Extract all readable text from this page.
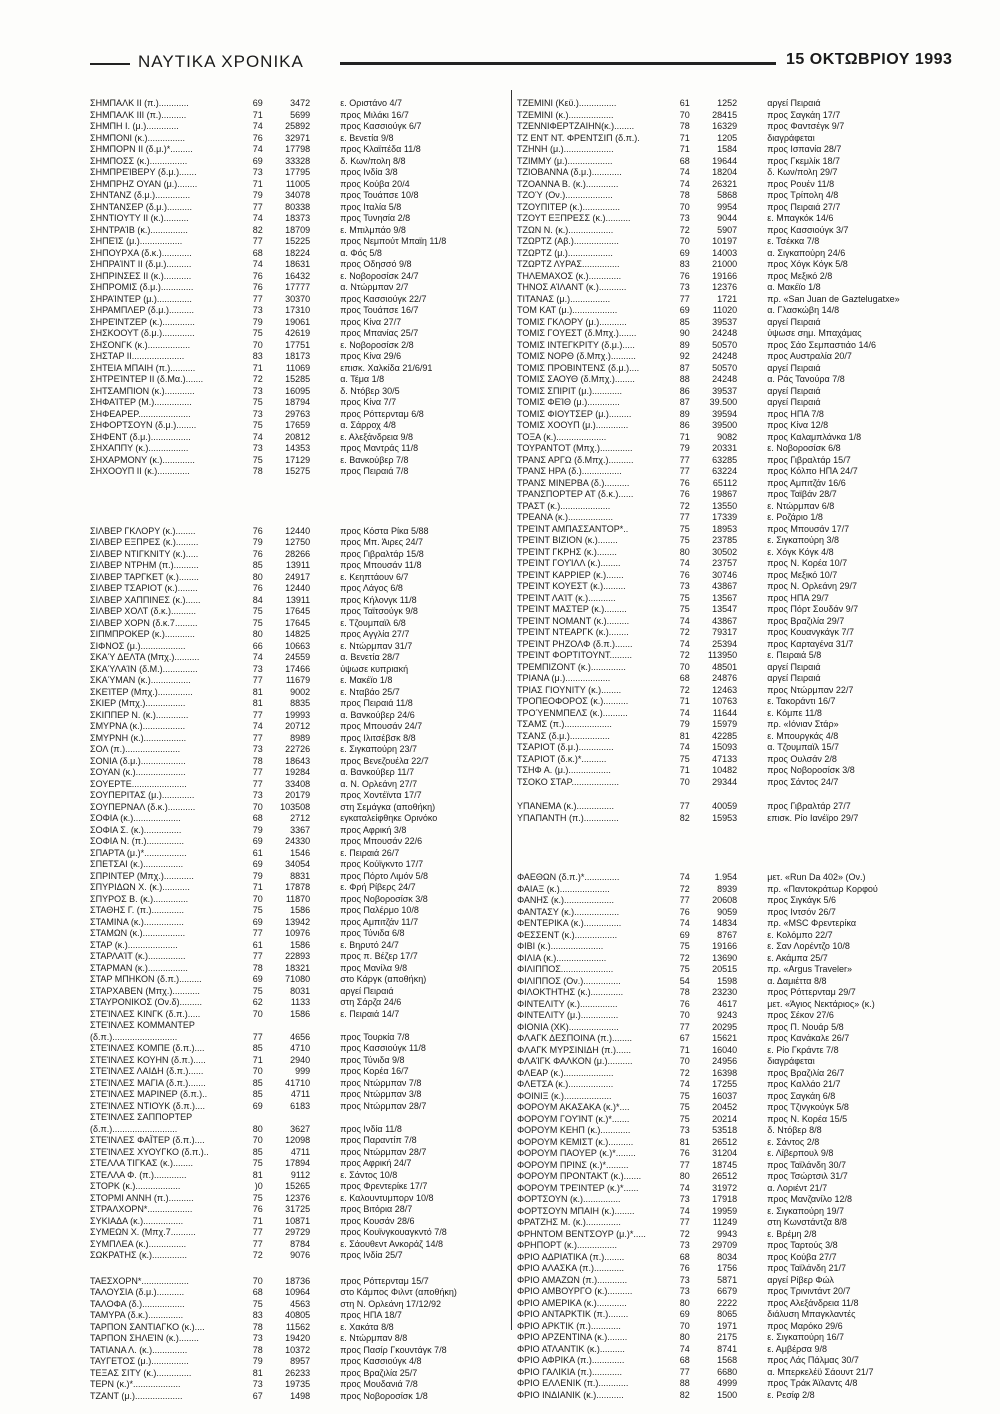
ΝΑΥΤΙΚΑ ΧΡΟΝΙΚΑ	15 ΟΚΤΩΒΡΙΟΥ 1993
ΣΗΜΠΑΛΚ II (π.)............	69	3472	ε. Οριστάνο 4/7
ΣΗΜΠΑΛΚ III (π.)..........	71	5699	προς Μιλάκι 16/7
ΣΗΜΠΗ I. (μ.).............	74	25892	προς Κασσιούγκ 6/7
ΣΗΜΠΟΝΙ (κ.)...............	76	32971	ε. Βενετία 9/8
ΣΗΜΠΟΡΝ II (δ.μ.)*.........	74	17798	προς Κλαϊπέδα 11/8
ΣΗΜΠΟΣΣ (κ.)...............	69	33328	δ. Κων/πολη 8/8
ΣΗΜΠΡΕΊΒΕΡΥ (δ.μ.).......	73	17795	προς Ινδία 3/8
ΣΗΜΠΡΗΖ ΟΥΑΝ (μ.)........	71	11005	προς Κούβα 20/4
ΣΗΝΤΑΝΖ (δ.μ.)..............	79	34078	προς Τουάπσε 10/8
ΣΗΝΤΑΝΣΕΡ (δ.μ.)..........	77	80338	προς Ιταλία 5/8
ΣΗΝΤΙΟΥΤΥ II (κ.)..........	74	18373	προς Τυνησία 2/8
ΣΗΝΤΡΑΊΒ (κ.)...............	82	18709	ε. Μπιλμπάο 9/8
ΣΗΠΕΊΣ (μ.).................	77	15225	προς Νεμπούτ Μπαϊη 11/8
ΣΗΠΟΥΡΧΑ (δ.κ.)............	68	18224	α. Φός 5/8
ΣΗΠΡΑΊΝΤ II (δ.μ.)..........	74	18631	προς Οδησσό 9/8
ΣΗΠΡΙΝΣΕΣ II (κ.)...........	76	16432	ε. Νοβοροσίσκ 24/7
ΣΗΠΡΟΜΙΣ (δ.μ.).............	76	17777	α. Ντώρμπαν 2/7
ΣΗΡΑΊΝΤΕΡ (μ.)..............	77	30370	προς Κασσιούγκ 22/7
ΣΗΡΑΜΠΛΕΡ (δ.μ.)..........	73	17310	προς Τουάπσε 16/7
ΣΗΡΕΊΝΤΖΕΡ (κ.).............	79	19061	προς Κίνα 27/7
ΣΗΣΚΟΟΥΤ (δ.μ.).............	75	42619	προς Μπανίας 25/7
ΣΗΣΟΝΓΚ (κ.).................	70	17751	ε. Νοβοροσίσκ 2/8
ΣΗΣΤΑΡ II.....................	83	18173	προς Κίνα 29/6
ΣΗΤΕΙΑ ΜΠΑΙΗ (π.)..........	71	11069	επισκ. Χαλκίδα 21/6/91
ΣΗΤΡΕΊΝΤΕΡ II (δ.Μα.).......	72	15285	α. Τέμα 1/8
ΣΗΤΣΑΜΠΙΟΝ (κ.)............	73	16095	δ. Ντόβερ 30/5
ΣΗΦΑΊΤΕΡ (Μ.)...............	75	18794	προς Κίνα 7/7
ΣΗΦΕΑΡΕΡ.....................	73	29763	προς Ρόττερνταμ 6/8
ΣΗΦΟΡΤΣΟΥΝ (δ.μ.)........	75	17659	α. Σάρροχ 4/8
ΣΗΦΕΝΤ (δ.μ.)................	74	20812	ε. Αλεξάνδρεια 9/8
ΣΗΧΑΠΠΥ (κ.)................	73	14353	προς Μαντράς 11/8
ΣΗΧΑΡΜΟΝΥ (κ.).............	75	17129	ε. Βανκούβερ 7/8
ΣΗΧΟΟΥΠ II (κ.).............	78	15275	προς Πειραιά 7/8
ΣΙΛΒΕΡ ΓΚΛΟΡΥ (κ.)........	76	12440	προς Κόστα Ρίκα 5/88
ΣΙΛΒΕΡ ΕΞΠΡΕΣ (κ.).........	79	12750	προς Μπ. Άιρες 24/7
ΣΙΛΒΕΡ ΝΤΙΓΚΝΙΤΥ (κ.).....	76	28266	προς Γιβραλτάρ 15/8
ΣΙΛΒΕΡ ΝΤΡΗΜ (π.)..........	85	13911	προς Μπουσάν 11/8
ΣΙΛΒΕΡ ΤΑΡΓΚΕΤ (κ.)........	80	24917	ε. Κεηπτάουν 6/7
ΣΙΛΒΕΡ ΤΣΑΡΙΟΤ (κ.)........	76	12440	προς Λάγος 6/8
ΣΙΛΒΕΡ ΧΑΠΠΙΝΕΣ (κ.)......	84	13911	προς Κήλονγκ 11/8
ΣΙΛΒΕΡ ΧΟΛΤ (δ.κ.)..........	75	17645	προς Ταϊτσούγκ 9/8
ΣΙΛΒΕΡ ΧΟΡΝ (δ.κ.7.........	75	17645	ε. Τζουμπαϊλ 6/8
ΣΙΠΜΠΡΟΚΕΡ (κ.)............	80	14825	προς Αγγλία 27/7
ΣΙΦΝΟΣ (μ.)..................	66	10663	ε. Ντώρμπαν 31/7
ΣΚΑΎ ΔΕΛΤΑ (Μπχ.)..........	74	24559	α. Βενετία 28/7
ΣΚΑΎΛΑΊΝ (δ.Μ.)..............	73	17466	ύψωσε κυπριακή
ΣΚΑΎΜΑΝ (κ.)................	77	11679	ε. Μακέϊο 1/8
ΣΚΕΊΤΕΡ (Μπχ.)..............	81	9002	ε. Νταβάο 25/7
ΣΚΙΕΡ (Μπχ.)................	81	8835	προς Πειραιά 11/8
ΣΚΙΠΠΕΡ Ν. (κ.).............	77	19993	α. Βανκούβερ 24/6
ΣΜΥΡΝΑ (κ.).................	74	20712	προς Μπουσάν 24/7
ΣΜΥΡΝΗ (κ.).................	77	8989	προς Ιλιτσέβσκ 8/8
ΣΟΛ (π.)......................	73	22726	ε. Σιγκαπούρη 23/7
ΣΟΝΙΑ (δ.μ.)..................	78	18643	προς Βενεζουέλα 22/7
ΣΟΥΑΝ (κ.)....................	77	19284	α. Βανκούβερ 11/7
ΣΟΥΕΡΤΕ......................	77	33408	α. Ν. Ορλεάνη 27/7
ΣΟΥΠΕΡΙΤΑΣ (μ.).............	73	20179	προς Χοντέϊντα 17/7
ΣΟΥΠΕΡΝΑΛ (δ.κ.)...........	70	103508	στη Σεμάγκα (αποθήκη)
ΣΟΦΙΑ (κ.)...................	68	2712	εγκαταλείφθηκε Ορινόκο
ΣΟΦΙΑ Σ. (κ.)...............	79	3367	προς Αφρική 3/8
ΣΟΦΙΑ Ν. (π.)...............	69	24330	προς Μπουσάν 22/6
ΣΠΑΡΤΑ (μ.)*.................	61	1546	ε. Πειραιά 26/7
ΣΠΕΤΣΑΙ (κ.)................	69	34054	προς Κούϊγκντο 17/7
ΣΠΡΙΝΤΕΡ (Μπχ.)............	79	8831	προς Πόρτο Λιμόν 5/8
ΣΠΥΡΙΔΩΝ Χ. (κ.)...........	71	17878	ε. Φρή Ρίβερς 24/7
ΣΠΥΡΟΣ Β. (κ.)..............	70	11870	προς Νοβοροσίσκ 3/8
ΣΤΑΘΗΣ Γ. (π.).............	75	1586	προς Παλέρμο 10/8
ΣΤΑΜΙΝΑ (κ.)................	69	13942	προς Αμπιτζάν 11/7
ΣΤΑΜΩΝ (κ.).................	77	10976	προς Τύνιδα 6/8
ΣΤΑΡ (κ.)....................	61	1586	ε. Βηρυτό 24/7
ΣΤΑΡΛΑΊΤ (κ.)...............	77	22893	προς π. Βέζερ 17/7
ΣΤΑΡΜΑΝ (κ.)................	78	18321	προς Μανίλα 9/8
ΣΤΑΡ ΜΠΗΚΟΝ (δ.π.).........	69	71080	στο Κάργκ (αποθήκη)
ΣΤΑΡΧΑΒΕΝ (Μπχ.)...........	75	8031	αργεί Πειραιά
ΣΤΑΥΡΟΝΙΚΟΣ (Ον.δ).........	62	1133	στη Σάρζα 24/6
ΣΤΕΊΝΛΕΣ ΚΙΝΓΚ (δ.π.).....	70	1586	ε. Πειραιά 14/7
ΣΤΕΊΝΛΕΣ ΚΟΜΜΑΝΤΕΡ
(δ.π.)..........................	77	4656	προς Τουρκία 7/8
ΣΤΕΊΝΛΕΣ ΚΟΜΠΕ (δ.π.)....	85	4710	προς Κασσιούγκ 11/8
ΣΤΕΊΝΛΕΣ ΚΟΥΗΝ (δ.π.).....	71	2940	προς Τύνιδα 9/8
ΣΤΕΊΝΛΕΣ ΛΑΙΔΗ (δ.π.)......	70	999	προς Κορέα 16/7
ΣΤΕΊΝΛΕΣ ΜΑΓΙΑ (δ.π.).......	85	41710	προς Ντώρμπαν 7/8
ΣΤΕΊΝΛΕΣ ΜΑΡΙΝΕΡ (δ.π.)..	85	4711	προς Ντώρμπαν 3/8
ΣΤΕΊΝΛΕΣ ΝΤΙΟΥΚ (δ.π.)....	69	6183	προς Ντώρμπαν 28/7
ΣΤΕΊΝΛΕΣ ΣΑΠΠΟΡΤΕΡ
(δ.π.)..........................	80	3627	προς Ινδία 11/8
ΣΤΕΊΝΛΕΣ ΦΑΪΤΕΡ (δ.π.)....	70	12098	προς Παραντίπ 7/8
ΣΤΕΊΝΛΕΣ ΧΥΟΥΓΚΟ (δ.π.)..	85	4711	προς Ντώρμπαν 28/7
ΣΤΕΛΛΑ ΤΙΓΚΑΣ (κ.)........	75	17894	προς Αφρική 24/7
ΣΤΕΛΛΑ Φ. (π.).............	81	9112	ε. Σάντος 10/8
ΣΤΟΡΚ (κ.)..................	)0	15265	προς Φρεντερίκε 17/7
ΣΤΟΡΜΙ ΑΝΝΗ (π.)..........	75	12376	ε. Καλουντυμπορν 10/8
ΣΤΡΑΛΧΟΡΝ*..................	76	31725	προς Βιτόρια 28/7
ΣΥΚΙΑΔΑ (κ.)................	71	10871	προς Κουσάν 28/6
ΣΥΜΕΩΝ Χ. (Μπχ.7..........	77	29729	προς Κουϊνγκουαγκντό 7/8
ΣΥΜΠΛΕΑ (κ.)...............	77	8784	ε. Σάουθεντ Ανκοράζ 14/8
ΣΩΚΡΑΤΗΣ (κ.)..............	72	9076	προς Ινδία 25/7
ΤΑΕΣΧΟΡΝ*...................	70	18736	προς Ρόττερνταμ 15/7
ΤΑΛΟΥΣΙΑ (δ.μ.)...........	68	10964	στο Κάμπος Φιλντ (αποθήκη)
ΤΑΛΟΦΑ (δ.).................	75	4563	στη Ν. Ορλεάνη 17/12/92
ΤΑΜΥΡΑ (δ.κ.)..............	83	40805	προς ΗΠΑ 18/7
ΤΑΡΠΟΝ ΣΑΝΤΙΑΓΚΟ (κ.)....	78	11562	ε. Χακάτα 8/8
ΤΑΡΠΟΝ ΣΗΛΕΊΝ (κ.)........	73	19420	ε. Ντώρμπαν 8/8
ΤΑΤΙΑΝΑ Λ. (κ.)..............	78	10372	προς Πασίρ Γκουντάγκ 7/8
ΤΑΥΓΕΤΟΣ (μ.)...............	79	8957	προς Κασσιούγκ 4/8
ΤΕΞΑΣ ΣΙΤΥ (κ.)..............	81	26233	προς Βραζιλία 25/7
ΤΕΡΝ (κ.)*...................	73	19735	προς Μουδανιά 7/8
ΤΖΑΝΤ (μ.)...................	67	1498	προς Νοβοροσίσκ 1/8
ΤΖΕΜΙΝΙ (Κεϋ.)...............	61	1252	αργεί Πειραιά
ΤΖΕΜΙΝΙ (κ.)..................	70	28415	προς Σαγκάη 17/7
ΤΖΕΝΝΙΦΕΡΤΖΑΙΗΝ(κ.)........	78	16329	προς Φαντσέγκ 9/7
ΤΖ ΕΝΤ ΝΤ. ΦΡΕΝΤΣΙΠ (δ.π.).	71	1205	διαγράφεται
ΤΖΗΝΗ (μ.)....................	71	1584	προς Ισπανία 28/7
ΤΖΙΜΜΥ (μ.)..................	68	19644	προς Γκεμλίκ 18/7
ΤΖΙΟΒΑΝΝΑ (δ.μ.)............	74	18204	δ. Κων/πολη 29/7
ΤΖΟΑΝΝΑ Β. (κ.).............	74	26321	προς Ρουέν 11/8
ΤΖΟΎ (Ον.)...................	78	5868	προς Τρίπολη 4/8
ΤΖΟΥΠΙΤΕΡ (κ.)...............	70	9954	προς Πειραιά 27/7
ΤΖΟΥΤ ΕΞΠΡΕΣΣ (κ.)..........	73	9044	ε. Μπαγκόκ 14/6
ΤΖΩΝ Ν. (κ.)..................	72	5907	προς Κασσιούγκ 3/7
ΤΖΩΡΤΖ (Αβ.)..................	70	10197	ε. Τσέκκα 7/8
ΤΖΩΡΤΖ (μ.)..................	69	14003	α. Σιγκαπούρη 24/6
ΤΖΩΡΤΖ ΛΥΡΑΣ...............	83	21000	προς Χόγκ Κόγκ 5/8
ΤΗΛΕΜΑΧΟΣ (κ.).............	76	19166	προς Μεξικό 2/8
ΤΗΝΟΣ ΑΊΛΑΝΤ (κ.)...........	73	12376	α. Μακέϊο 1/8
ΤΙΤΑΝΑΣ (μ.)................	77	1721	πρ. «San Juan de Gaztelugatxe»
ΤΟΜ ΚΑΤ (μ.)..................	69	11020	α. Γλασκώβη 14/8
ΤΟΜΙΣ ΓΚΛΟΡΥ (μ.)...........	85	39537	αργεί Πειραιά
ΤΟΜΙΣ ΓΟΥΕΣΤ (δ.Μπχ.).......	90	24248	ύψωσε σημ. Μπαχάμας
ΤΟΜΙΣ ΙΝΤΕΓΚΡΙΤΥ (δ.μ.).....	89	50570	προς Σάο Σεμπαστιάο 14/6
ΤΟΜΙΣ ΝΟΡΘ (δ.Μπχ.)..........	92	24248	προς Αυστραλία 20/7
ΤΟΜΙΣ ΠΡΟΒΙΝΤΕΝΣ (δ.μ.)....	87	50570	αργεί Πειραιά
ΤΟΜΙΣ ΣΑΟΥΘ (δ.Μπχ.)........	88	24248	α. Ράς Τανούρα 7/8
ΤΟΜΙΣ ΣΠΙΡΙΤ (μ.)............	86	39537	αργεί Πειραιά
ΤΟΜΙΣ ΦΕΊΘ (μ.).............	87	39.500	αργεί Πειραιά
ΤΟΜΙΣ ΦΙΟΥΤΣΕΡ (μ.).........	89	39594	προς ΗΠΑ 7/8
ΤΟΜΙΣ ΧΟΟΥΠ (μ.).............	86	39500	προς Κίνα 12/8
ΤΟΞΑ (κ.)....................	71	9082	προς Καλαμπλάνκα 1/8
ΤΟΥΡΑΝΤΟΤ (Μπχ.).............	79	20331	ε. Νοβοροσίσκ 6/8
ΤΡΑΝΣ ΑΡΓΩ (δ.Μπχ.)..........	77	63285	προς Γιβραλτάρ 15/7
ΤΡΑΝΣ ΗΡΑ (δ.)................	77	63224	προς Κόλπο ΗΠΑ 24/7
ΤΡΑΝΣ ΜΙΝΕΡΒΑ (δ.)..........	76	65112	προς Αμπιτζάν 16/6
ΤΡΑΝΣΠΟΡΤΕΡ ΑΤ (δ.κ.)......	76	19867	προς Ταϊβάν 28/7
ΤΡΑΣΤ (κ.)....................	72	13550	ε. Ντώρμπαν 6/8
ΤΡΕΑΝΑ (κ.)..................	77	17339	ε. Ροζάριο 1/8
ΤΡΕΊΝΤ ΑΜΠΑΣΣΑΝΤΟΡ*..	75	18953	προς Μπουσάν 17/7
ΤΡΕΊΝΤ ΒΙΖΙΟΝ (κ.)........	75	23785	ε. Σιγκαπούρη 3/8
ΤΡΕΊΝΤ ΓΚΡΗΣ (κ.)........	80	30502	ε. Χόγκ Κόγκ 4/8
ΤΡΕΊΝΤ ΓΟΥΊΛΛ (κ.)........	74	23757	προς Ν. Κορέα 10/7
ΤΡΕΊΝΤ ΚΑΡΡΙΕΡ (κ.).......	76	30746	προς Μεξικό 10/7
ΤΡΕΊΝΤ ΚΟΥΕΣΤ (κ.).........	73	43867	προς Ν. Ορλεάνη 29/7
ΤΡΕΊΝΤ ΛΑΊΤ (κ.)...........	75	13567	προς ΗΠΑ 29/7
ΤΡΕΊΝΤ ΜΑΣΤΕΡ (κ.).........	75	13547	προς Πόρτ Σουδάν 9/7
ΤΡΕΊΝΤ ΝΟΜΑΝΤ (κ.).........	74	43867	προς Βραζιλία 29/7
ΤΡΕΊΝΤ ΝΤΕΑΡΓΚ (κ.)........	72	79317	προς Κουανγκάγκ 7/7
ΤΡΕΊΝΤ ΡΗΖΟΛΦ (δ.π.).......	74	25394	προς Καρταγένα 31/7
ΤΡΕΊΝΤ ΦΟΡΤΙΤΟΥΝΤ.........	72	113950	ε. Πειραιά 5/8
ΤΡΕΜΠΙΖΟΝΤ (κ.)..............	70	48501	αργεί Πειραιά
ΤΡΙΑΝΑ (μ.)..................	68	24876	αργεί Πειραιά
ΤΡΙΑΣ ΓΙΟΥΝΙΤΥ (κ.)........	72	12463	προς Ντώρμπαν 22/7
ΤΡΟΠΕΟΦΟΡΟΣ (κ.)..........	71	10763	ε. Τακοράντι 16/7
ΤΡΟΎΕΝΜΠΕΛΣ (κ.)..........	74	11644	ε. Κόμπε 11/8
ΤΣΑΜΣ (π.)...................	79	15979	πρ. «Ιόνιαν Στάρ»
ΤΣΑΝΣ (δ.μ.)................	81	42285	ε. Μπουργκάς 4/8
ΤΣΑΡΙΟΤ (δ.μ.)..............	74	15093	α. Τζουμπαϊλ 15/7
ΤΣΑΡΙΟΤ (δ.κ.)*..........	75	47133	προς Ουλσάν 2/8
ΤΣΗΦ Α. (μ.).................	71	10482	προς Νοβοροσίσκ 3/8
ΤΣΟΚΟ ΣΤΑΡ...................	70	29344	προς Σάντος 24/7
ΥΠΑΝΕΜΑ (κ.)...............	77	40059	προς Γιβραλτάρ 27/7
ΥΠΑΠΑΝΤΗ (π.)..............	82	15953	επισκ. Ρίο Ιανέϊρο 29/7
ΦΑΕΘΩΝ (δ.π.)*..............	74	1.954	μετ. «Run Da 402» (Ον.)
ΦΑΙΑΞ (κ.)....................	72	8939	πρ. «Παντοκράτωρ Κορφού
ΦΑΝΗΣ (κ.)....................	77	20608	προς Σιγκάγκ 5/6
ΦΑΝΤΑΣΥ (κ.)..................	76	9059	προς Ιντσόν 26/7
ΦΕΝΤΕΡΙΚΑ (κ.)...............	74	14834	πρ. «MSC Φρεντερίκα
ΦΕΣΣΕΝΤ (κ.).................	69	8767	ε. Κολόμπο 22/7
ΦΙΒΙ (κ.).....................	75	19166	ε. Σαν Λορέντζο 10/8
ΦΙΛΙΑ (κ.)....................	72	13690	ε. Ακάμπα 25/7
ΦΙΛΙΠΠΟΣ.....................	75	20515	πρ. «Argus Traveler»
ΦΙΛΙΠΠΟΣ (Ον.)...............	54	1598	α. Δαμιέττα 8/8
ΦΙΛΟΚΤΗΤΗΣ (κ.).............	78	23230	προς Ρόττερνταμ 29/7
ΦΙΝΤΕΛΙΤΥ (κ.)...............	76	4617	μετ. «Άγιος Νεκτάριος» (κ.)
ΦΙΝΤΕΛΙΤΥ (μ.)...............	70	9243	προς Σέκον 27/6
ΦΙΟΝΙΑ (ΧΚ)....................	77	20295	προς Π. Νουάρ 5/8
ΦΛΑΓΚ ΔΕΣΠΟΙΝΑ (π.)........	67	15621	προς Κανάκαλε 26/7
ΦΛΑΓΚ ΜΥΡΣΙΝΙΔΗ (π.)......	71	16040	ε. Ρίο Γκράντε 7/8
ΦΛΑΊΓΚ ΦΑΛΚΟΝ (μ.)..........	70	24956	διαγράφεται
ΦΛΕΑΡ (κ.)....................	72	16398	προς Βραζιλία 26/7
ΦΛΕΤΣΑ (κ.)..................	74	17255	προς Καλλάο 21/7
ΦΟΙΝΙΞ (κ.)...................	75	16037	προς Σαγκάη 6/8
ΦΟΡΟΥΜ ΑΚΑΣΑΚΑ (κ.)*....	75	20452	προς Τζινγκούγκ 5/8
ΦΟΡΟΥΜ ΓΟΥΊΝΤ (κ.)*.......	75	20214	προς Ν. Κορέα 15/5
ΦΟΡΟΥΜ ΚΕΗΠ (κ.)............	73	53518	δ. Ντόβερ 8/8
ΦΟΡΟΥΜ ΚΕΜΙΣΤ (κ.)..........	81	26512	ε. Σάντος 2/8
ΦΟΡΟΥΜ ΠΑΟΥΕΡ (κ.)*........	76	31204	ε. Λίβερπουλ 9/8
ΦΟΡΟΥΜ ΠΡΙΝΣ (κ.)*.........	77	18745	προς Ταϊλάνδη 30/7
ΦΟΡΟΥΜ ΠΡΟΝΤΑΚΤ (κ.).......	80	26512	προς Τσώρτσιλ 31/7
ΦΟΡΟΥΜ ΤΡΕΊΝΤΕΡ (κ.)*......	74	31972	α. Λοριέντ 21/7
ΦΟΡΤΣΟΥΝ (κ.)...............	73	17918	προς Μανζανίλο 12/8
ΦΟΡΤΣΟΥΝ ΜΠΑΙΗ (κ.)........	74	19959	ε. Σιγκαπούρη 19/7
ΦΡΑΤΖΗΣ Μ. (κ.)..............	77	11249	στη Κωνστάντζα 8/8
ΦΡΗΝΤΟΜ ΒΕΝΤΣΟΥΡ (μ.)*.....	72	9943	ε. Βρέμη 2/8
ΦΡΗΠΟΡΤ (κ.)................	73	29709	προς Ταρτούς 3/8
ΦΡΙΟ ΑΔΡΙΑΤΙΚΑ (π.)........	68	8034	προς Κούβα 27/7
ΦΡΙΟ ΑΛΑΣΚΑ (π.)............	76	1756	προς Ταϊλάνδη 21/7
ΦΡΙΟ ΑΜΑΖΩΝ (π.)............	73	5871	αργεί Ρίβερ Φώλ
ΦΡΙΟ ΑΜΒΟΥΡΓΟ (κ.)..........	73	6679	προς Τρινιντάντ 20/7
ΦΡΙΟ ΑΜΕΡΙΚΑ (κ.)............	80	2222	προς Αλεξάνδρεια 11/8
ΦΡΙΟ ΑΝΤΑΡΚΤΙΚ (π.)........	69	8065	διάλυση Μπαγκλαντές
ΦΡΙΟ ΑΡΚΤΙΚ (π.)............	70	1971	προς Μαρόκο 29/6
ΦΡΙΟ ΑΡΖΕΝΤΙΝΑ (κ.)........	80	2175	ε. Σιγκαπούρη 16/7
ΦΡΙΟ ΑΤΛΑΝΤΙΚ (κ.)..........	74	8741	ε. Αμβέρσα 9/8
ΦΡΙΟ ΑΦΡΙΚΑ (π.).............	68	1568	προς Λάς Πάλμας 30/7
ΦΡΙΟ ΓΑΛΙΚΙΑ (π.)............	77	6680	α. Μπερκελέϋ Σάουντ 21/7
ΦΡΙΟ ΕΛΛΕΝΙΚ (π.)............	88	4999	προς Τράκ Άϊλαντς 4/8
ΦΡΙΟ ΙΝΔΙΑΝΙΚ (κ.)...........	82	1500	ε. Ρεσίφ 2/8
